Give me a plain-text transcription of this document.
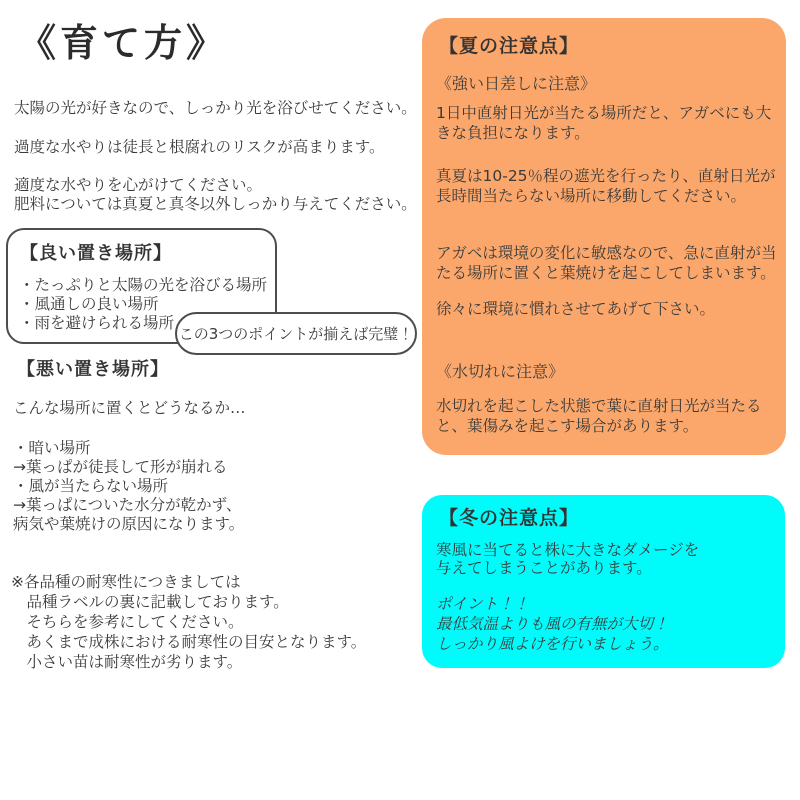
《育て方》
太陽の光が好きなので、しっかり光を浴びせてください。
過度な水やりは徒長と根腐れのリスクが高まります。
適度な水やりを心がけてください。
肥料については真夏と真冬以外しっかり与えてください。
【良い置き場所】
・たっぷりと太陽の光を浴びる場所
・風通しの良い場所
・雨を避けられる場所
この3つのポイントが揃えば完璧！
【悪い置き場所】
こんな場所に置くとどうなるか…
・暗い場所
→葉っぱが徒長して形が崩れる
・風が当たらない場所
→葉っぱについた水分が乾かず、
病気や葉焼けの原因になります。
※各品種の耐寒性につきましては
　品種ラベルの裏に記載しております。
　そちらを参考にしてください。
　あくまで成株における耐寒性の目安となります。
　小さい苗は耐寒性が劣ります。
【夏の注意点】
《強い日差しに注意》
1日中直射日光が当たる場所だと、アガベにも大
きな負担になります。
真夏は10-25％程の遮光を行ったり、直射日光が
長時間当たらない場所に移動してください。
アガベは環境の変化に敏感なので、急に直射が当
たる場所に置くと葉焼けを起こしてしまいます。
徐々に環境に慣れさせてあげて下さい。
《水切れに注意》
水切れを起こした状態で葉に直射日光が当たる
と、葉傷みを起こす場合があります。
【冬の注意点】
寒風に当てると株に大きなダメージを
与えてしまうことがあります。
ポイント！！
最低気温よりも風の有無が大切！
しっかり風よけを行いましょう。
